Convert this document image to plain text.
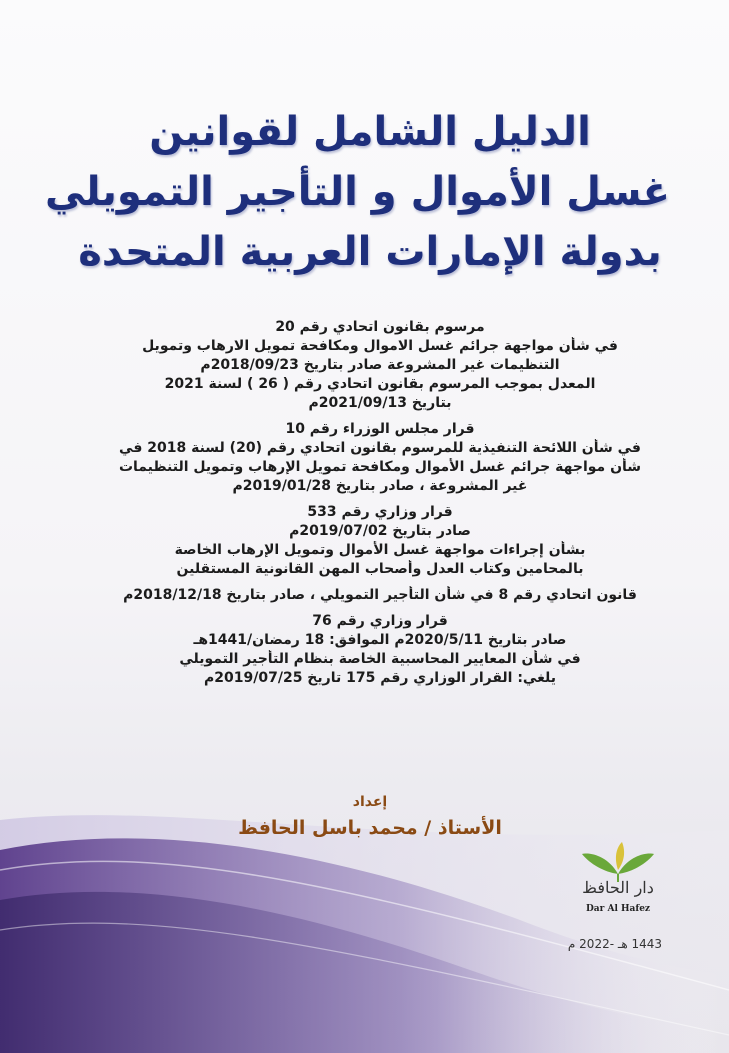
الدليل الشامل لقوانين
غسل الأموال و التأجير التمويلي
بدولة الإمارات العربية المتحدة
مرسوم بقانون اتحادي رقم 20
في شأن مواجهة جرائم غسل الاموال ومكافحة تمويل الارهاب وتمويل
التنظيمات غير المشروعة صادر بتاريخ 2018/09/23م
المعدل بموجب المرسوم بقانون اتحادي رقم ( 26 ) لسنة 2021
بتاريخ 2021/09/13م
قرار مجلس الوزراء رقم 10
في شأن اللائحة التنفيذية للمرسوم بقانون اتحادي رقم (20) لسنة 2018 في
شأن مواجهة جرائم غسل الأموال ومكافحة تمويل الإرهاب وتمويل التنظيمات
غير المشروعة ، صادر بتاريخ 2019/01/28م
قرار وزاري رقم 533
صادر بتاريخ 2019/07/02م
بشأن إجراءات مواجهة غسل الأموال وتمويل الإرهاب الخاصة
بالمحامين وكتاب العدل وأصحاب المهن القانونية المستقلين
قانون اتحادي رقم 8 في شأن التأجير التمويلي ، صادر بتاريخ 2018/12/18م
قرار وزاري رقم 76
صادر بتاريخ 2020/5/11م الموافق: 18 رمضان/1441هـ
في شأن المعايير المحاسبية الخاصة بنظام التأجير التمويلي
يلغي: القرار الوزاري رقم 175 تاريخ 2019/07/25م
إعداد
الأستاذ / محمد باسل الحافظ
دار الحافظ
Dar Al Hafez
1443 هـ -2022 م
